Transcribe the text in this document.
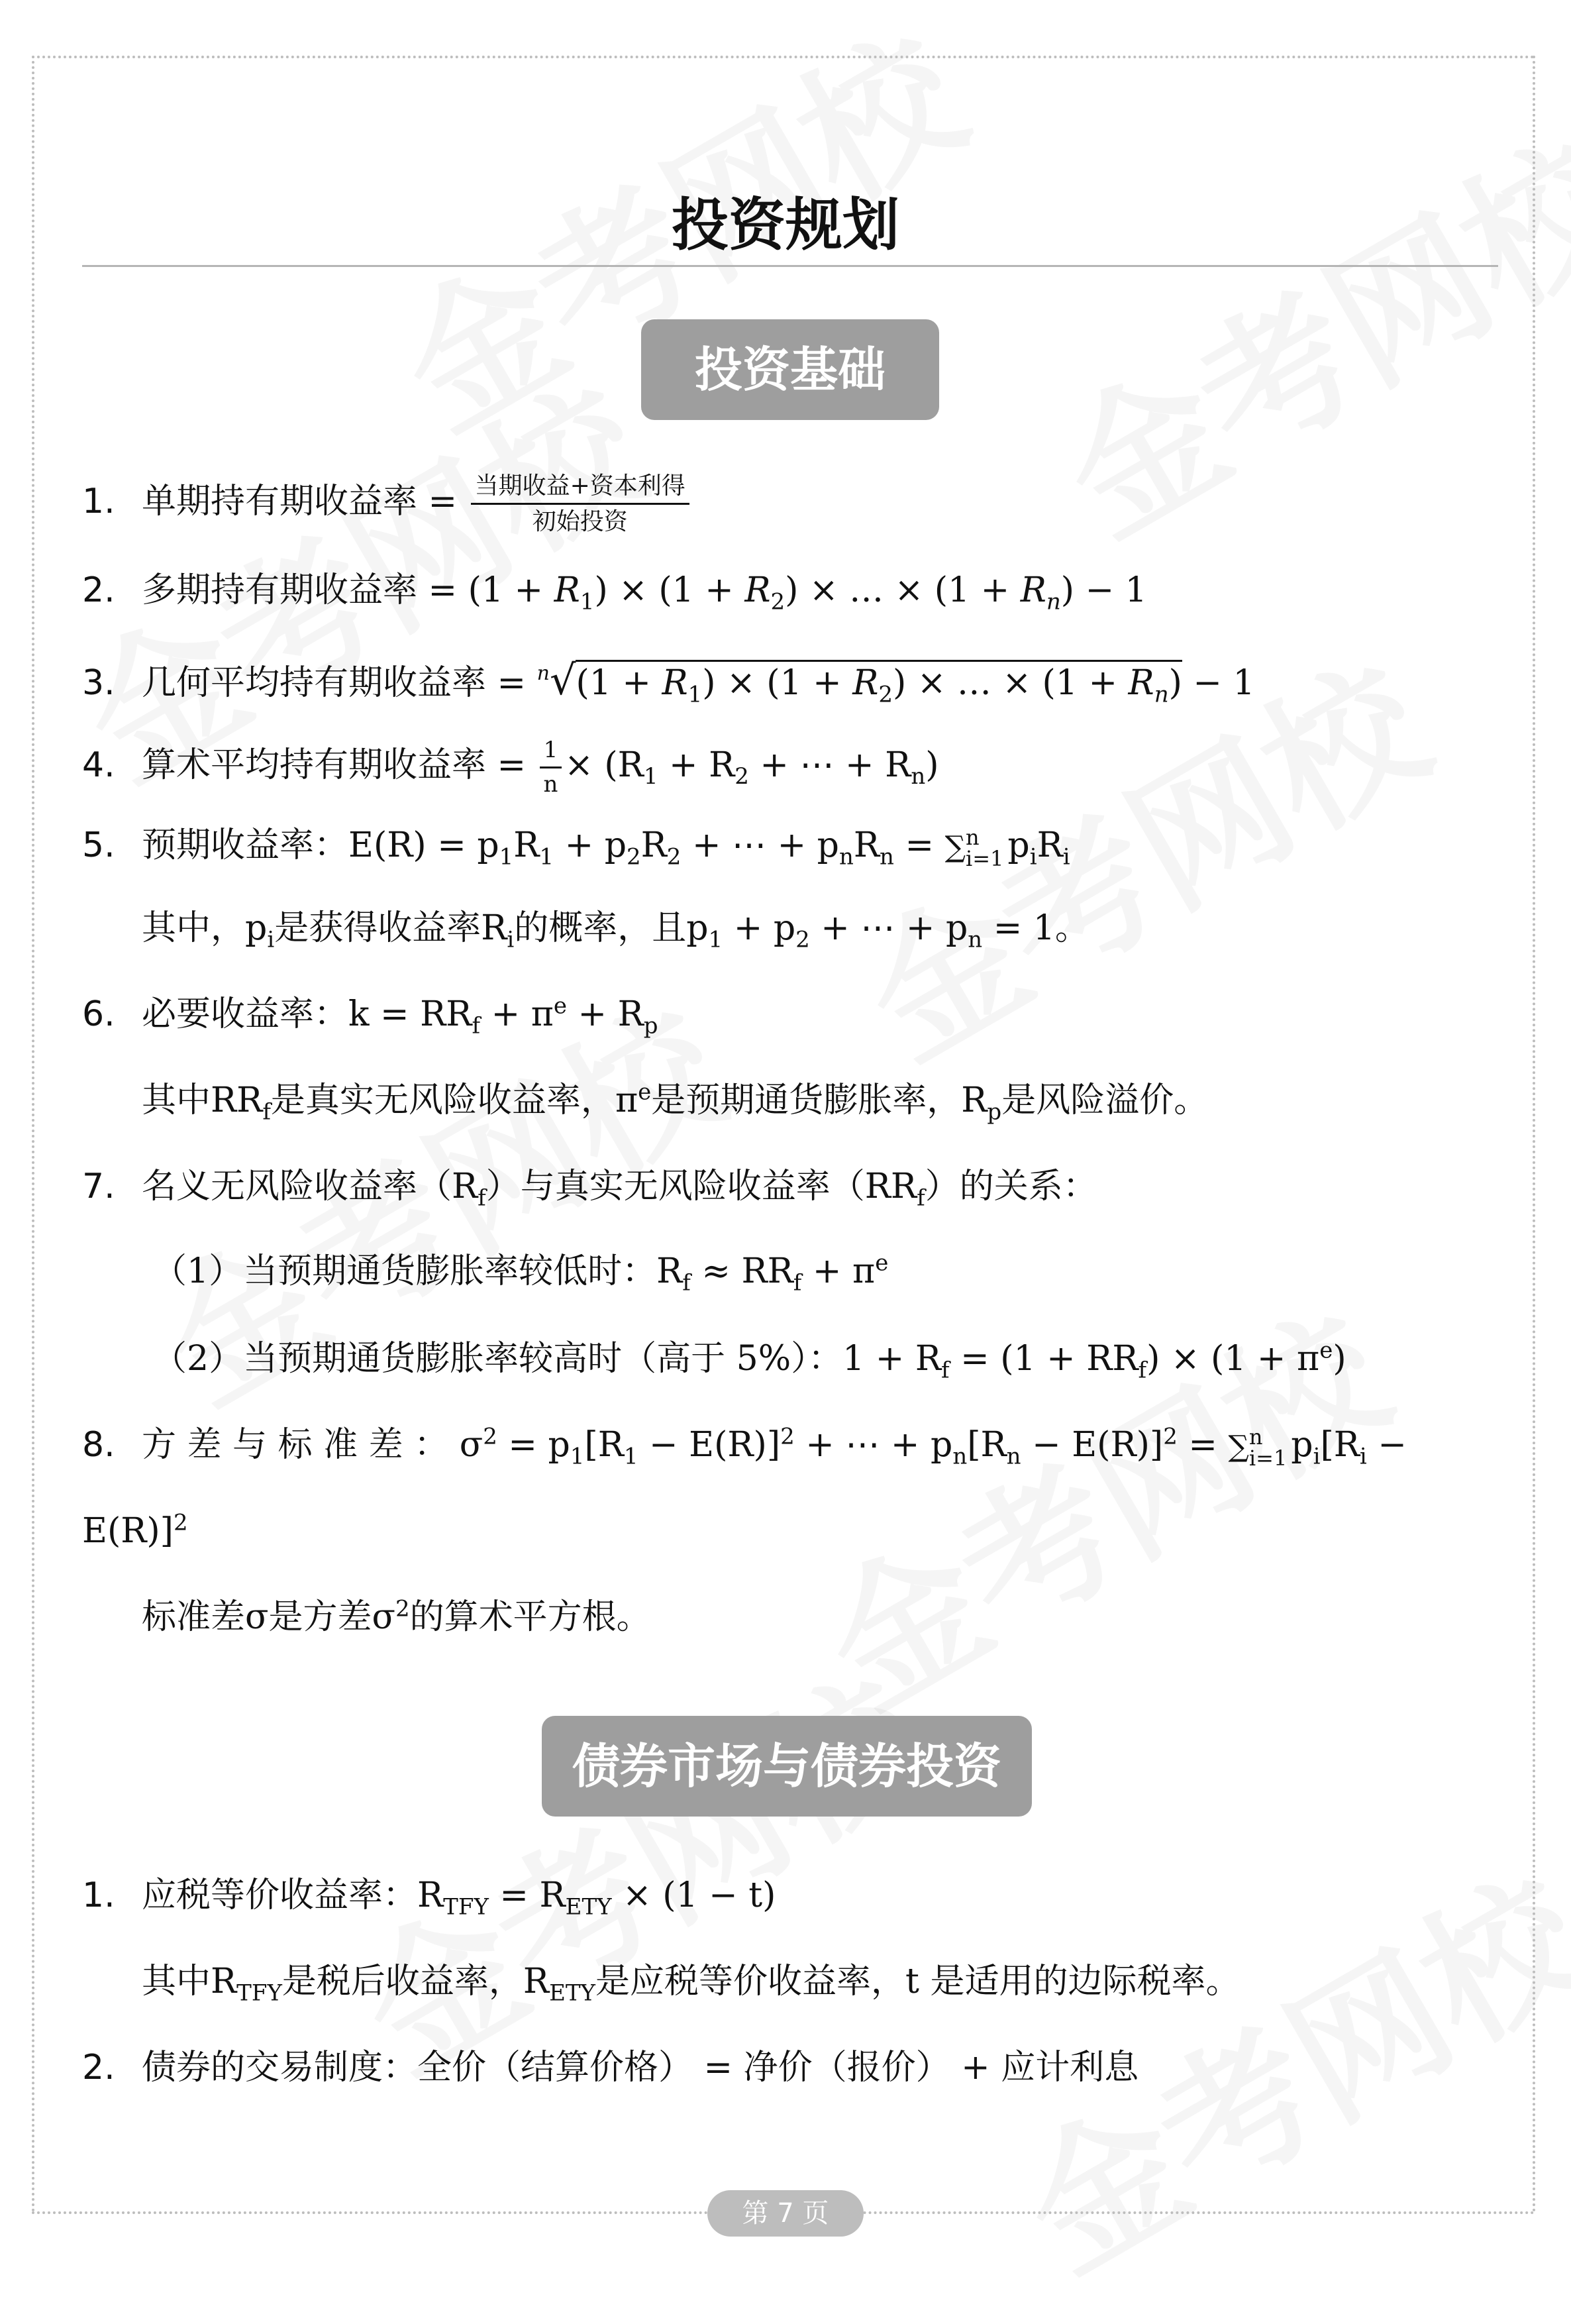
投资规划
投资基础
1. 单期持有期收益率 = $\frac{\text{当期收益+资本利得}}{\text{初始投资}}$
2. 多期持有期收益率 = $(1 + R_1) \times (1 + R_2)$ × … × $(1 + R_n) - 1$
3. 几何平均持有期收益率 = $^n√(1 + R_1) \times (1 + R_2)$ × … × $(1 + R_n) - 1$
4. 算术平均持有期收益率 = $\frac{1}{n} \times (R_1 + R_2$ + ⋯ + $R_n$)
5. 预期收益率：$E(R) = p_1R_1 + p_2R_2$ + ⋯ + $p_nR_n$ = ∑ n
i=1 $p_iR_i$
其中，$p_i$是获得收益率$R_i$的概率，且$p_1 + p_2$ + ⋯ + $p_n = 1$。
6. 必要收益率：$k = RR_f + \pi^e + R_p$
其中$RR_f$是真实无风险收益率，$\pi^e$是预期通货膨胀率，$R_p$是风险溢价。
7. 名义无风险收益率$(R_f)$与真实无风险收益率$(RR_f)$的关系：
（1）当预期通货膨胀率较低时：$R_f \approx RR_f + \pi^e$
（2）当预期通货膨胀率较高时（高于 5%）：$1 + R_f = (1 + RR_f) \times (1 + \pi^e)$
8. 方 差 与 标 准 差 ： $\sigma^2 = p_1[R_1 - E(R)]^2$ + ⋯ + $p_n[R_n - E(R)]^2$ = ∑ n
i=1 $p_i[R_i$ −
E(R)]$^2$
标准差σ是方差$\sigma^2$的算术平方根。
债券市场与债券投资
1. 应税等价收益率：$R_{TFY} = R_{ETY} \times (1 - t)$
其中$R_{TFY}$是税后收益率，$R_{ETY}$是应税等价收益率，t 是适用的边际税率。
2. 债券的交易制度：全价（结算价格） = 净价（报价） + 应计利息
第 7 页
